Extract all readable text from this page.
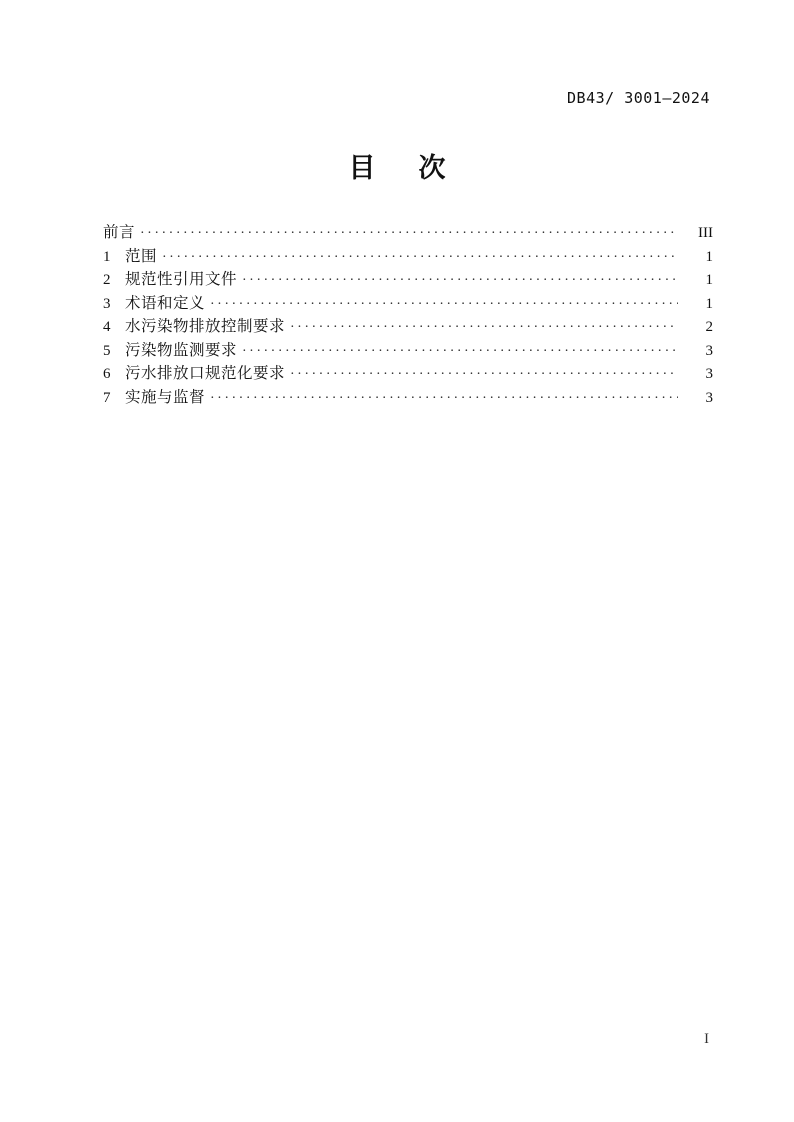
DB43/ 3001—2024
目 次
前言 ·····	III
1 范围 ·····	1
2 规范性引用文件 ·····	1
3 术语和定义 ·····	1
4 水污染物排放控制要求 ·····	2
5 污染物监测要求 ·····	3
6 污水排放口规范化要求 ·····	3
7 实施与监督 ·····	3
I
